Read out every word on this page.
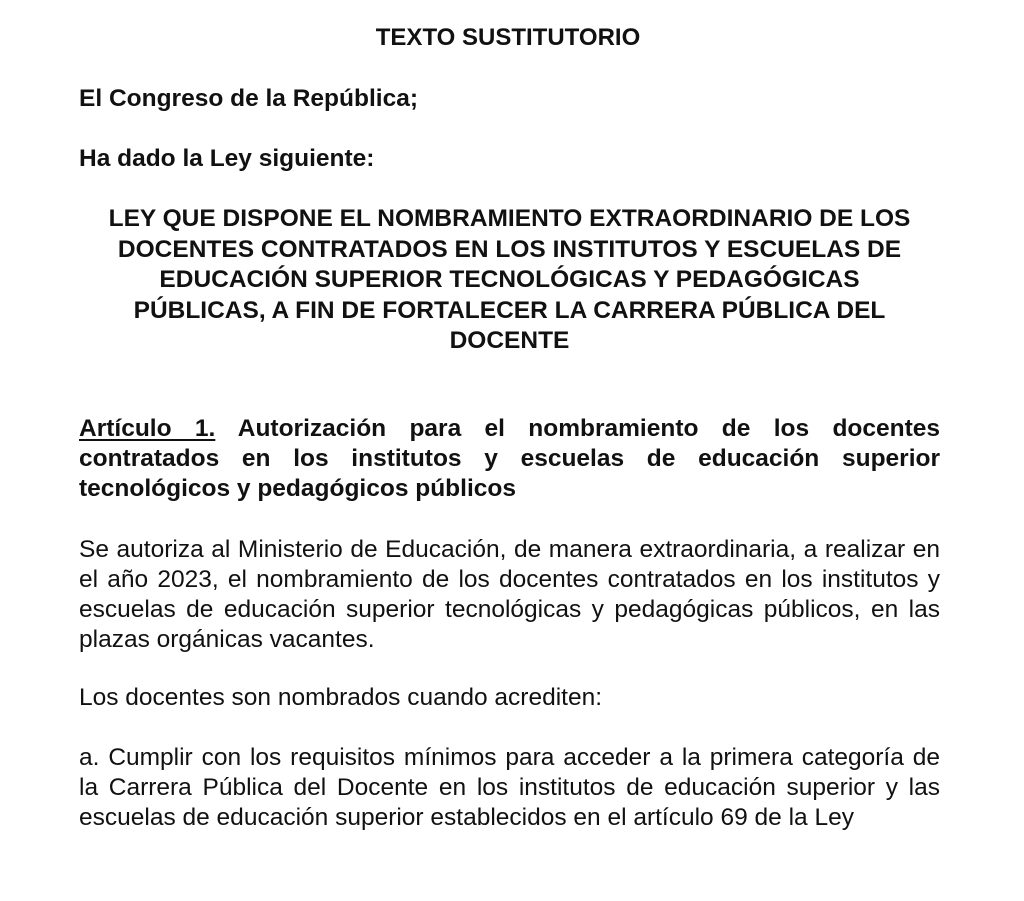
TEXTO SUSTITUTORIO
El Congreso de la República;
Ha dado la Ley siguiente:
LEY QUE DISPONE EL NOMBRAMIENTO EXTRAORDINARIO DE LOS
DOCENTES CONTRATADOS EN LOS INSTITUTOS Y ESCUELAS DE
EDUCACIÓN SUPERIOR TECNOLÓGICAS Y PEDAGÓGICAS
PÚBLICAS, A FIN DE FORTALECER LA CARRERA PÚBLICA DEL
DOCENTE
Artículo 1. Autorización para el nombramiento de los docentes contratados en los institutos y escuelas de educación superior tecnológicos y pedagógicos públicos
Se autoriza al Ministerio de Educación, de manera extraordinaria, a realizar en el año 2023, el nombramiento de los docentes contratados en los institutos y escuelas de educación superior tecnológicas y pedagógicas públicos, en las plazas orgánicas vacantes.
Los docentes son nombrados cuando acrediten:
a. Cumplir con los requisitos mínimos para acceder a la primera categoría de la Carrera Pública del Docente en los institutos de educación superior y las escuelas de educación superior establecidos en el artículo 69 de la Ley
